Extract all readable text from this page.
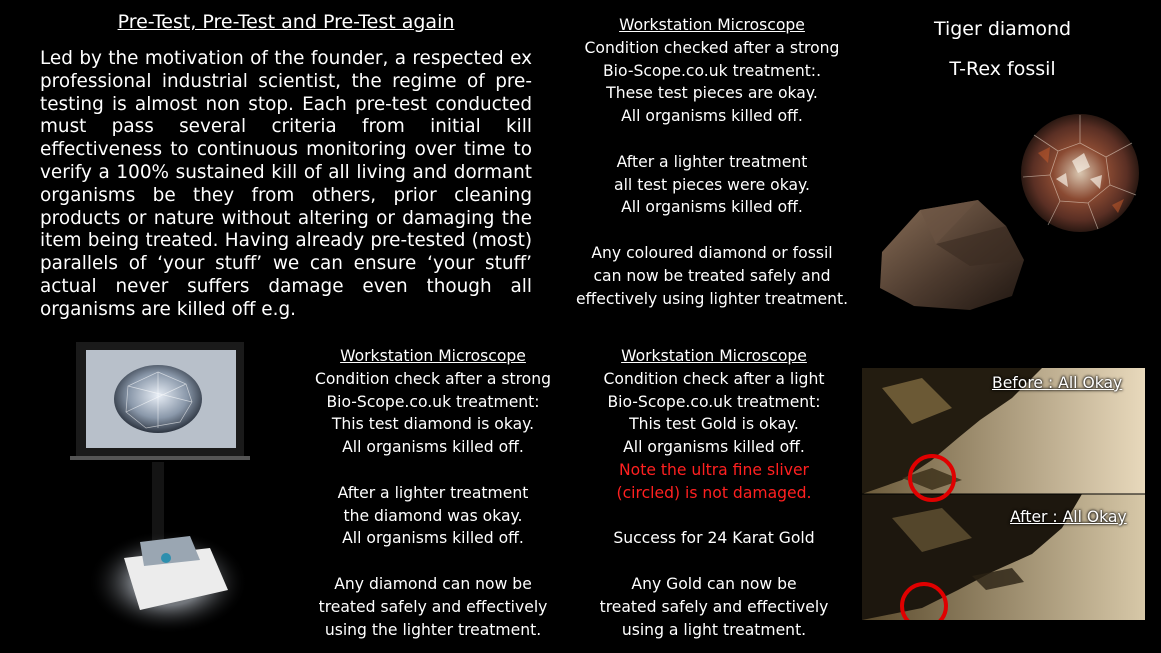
Pre-Test, Pre-Test and Pre-Test again
Led by the motivation of the founder, a respected ex professional industrial scientist, the regime of pre-testing is almost non stop. Each pre-test conducted must pass several criteria from initial kill effectiveness to continuous monitoring over time to verify a 100% sustained kill of all living and dormant organisms be they from others, prior cleaning products or nature without altering or damaging the item being treated. Having already pre-tested (most) parallels of ‘your stuff’ we can ensure ‘your stuff’ actual never suffers damage even though all organisms are killed off e.g.
Workstation Microscope
Condition checked after a strong
Bio-Scope.co.uk treatment:.
These test pieces are okay.
All organisms killed off.
After a lighter treatment
all test pieces were okay.
All organisms killed off.
Any coloured diamond or fossil
can now be treated safely and
effectively using lighter treatment.
Tiger diamond
T-Rex fossil
Workstation Microscope
Condition check after a strong
Bio-Scope.co.uk treatment:
This test diamond is okay.
All organisms killed off.
After a lighter treatment
the diamond was okay.
All organisms killed off.
Any diamond can now be
treated safely and effectively
using the lighter treatment.
Workstation Microscope
Condition check after a light
Bio-Scope.co.uk treatment:
This test Gold is okay.
All organisms killed off.
Note the ultra fine sliver
(circled) is not damaged.
Success for 24 Karat Gold
Any Gold can now be
treated safely and effectively
using a light treatment.
Before : All Okay
After : All Okay
